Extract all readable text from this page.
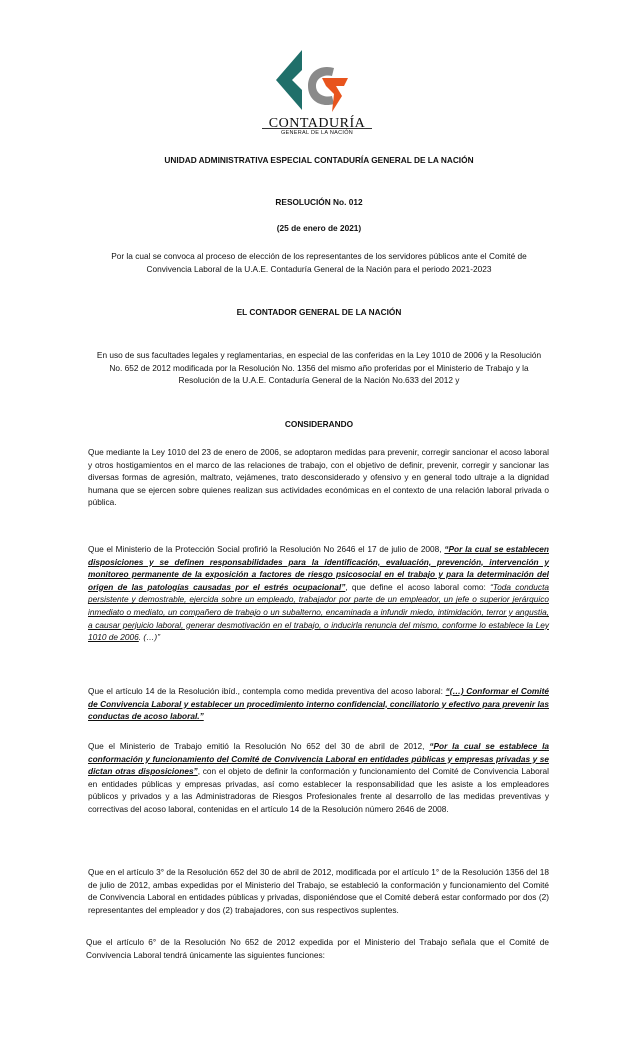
CONTADURÍA
GENERAL DE LA NACIÓN
UNIDAD ADMINISTRATIVA ESPECIAL CONTADURÍA GENERAL DE LA NACIÓN
RESOLUCIÓN No. 012
(25 de enero de 2021)
Por la cual se convoca al proceso de elección de los representantes de los servidores públicos ante el Comité de Convivencia Laboral de la U.A.E. Contaduría General de la Nación para el periodo 2021-2023
EL CONTADOR GENERAL DE LA NACIÓN
En uso de sus facultades legales y reglamentarias, en especial de las conferidas en la Ley 1010 de 2006 y la Resolución No. 652 de 2012 modificada por la Resolución No. 1356 del mismo año proferidas por el Ministerio de Trabajo y la Resolución de la U.A.E. Contaduría General de la Nación No.633 del 2012 y
CONSIDERANDO
Que mediante la Ley 1010 del 23 de enero de 2006, se adoptaron medidas para prevenir, corregir sancionar el acoso laboral y otros hostigamientos en el marco de las relaciones de trabajo, con el objetivo de definir, prevenir, corregir y sancionar las diversas formas de agresión, maltrato, vejámenes, trato desconsiderado y ofensivo y en general todo ultraje a la dignidad humana que se ejercen sobre quienes realizan sus actividades económicas en el contexto de una relación laboral privada o pública.
Que el Ministerio de la Protección Social profirió la Resolución No 2646 el 17 de julio de 2008, “Por la cual se establecen disposiciones y se definen responsabilidades para la identificación, evaluación, prevención, intervención y monitoreo permanente de la exposición a factores de riesgo psicosocial en el trabajo y para la determinación del origen de las patologías causadas por el estrés ocupacional”, que define el acoso laboral como: “Toda conducta persistente y demostrable, ejercida sobre un empleado, trabajador por parte de un empleador, un jefe o superior jerárquico inmediato o mediato, un compañero de trabajo o un subalterno, encaminada a infundir miedo, intimidación, terror y angustia, a causar perjuicio laboral, generar desmotivación en el trabajo, o inducirla renuncia del mismo, conforme lo establece la Ley 1010 de 2006. (…)”
Que el artículo 14 de la Resolución ibíd., contempla como medida preventiva del acoso laboral: “(…) Conformar el Comité de Convivencia Laboral y establecer un procedimiento interno confidencial, conciliatorio y efectivo para prevenir las conductas de acoso laboral.”
Que el Ministerio de Trabajo emitió la Resolución No 652 del 30 de abril de 2012, “Por la cual se establece la conformación y funcionamiento del Comité de Convivencia Laboral en entidades públicas y empresas privadas y se dictan otras disposiciones”, con el objeto de definir la conformación y funcionamiento del Comité de Convivencia Laboral en entidades públicas y empresas privadas, así como establecer la responsabilidad que les asiste a los empleadores públicos y privados y a las Administradoras de Riesgos Profesionales frente al desarrollo de las medidas preventivas y correctivas del acoso laboral, contenidas en el artículo 14 de la Resolución número 2646 de 2008.
Que en el artículo 3° de la Resolución 652 del 30 de abril de 2012, modificada por el artículo 1° de la Resolución 1356 del 18 de julio de 2012, ambas expedidas por el Ministerio del Trabajo, se estableció la conformación y funcionamiento del Comité de Convivencia Laboral en entidades públicas y privadas, disponiéndose que el Comité deberá estar conformado por dos (2) representantes del empleador y dos (2) trabajadores, con sus respectivos suplentes.
Que el artículo 6° de la Resolución No 652 de 2012 expedida por el Ministerio del Trabajo señala que el Comité de Convivencia Laboral tendrá únicamente las siguientes funciones:
